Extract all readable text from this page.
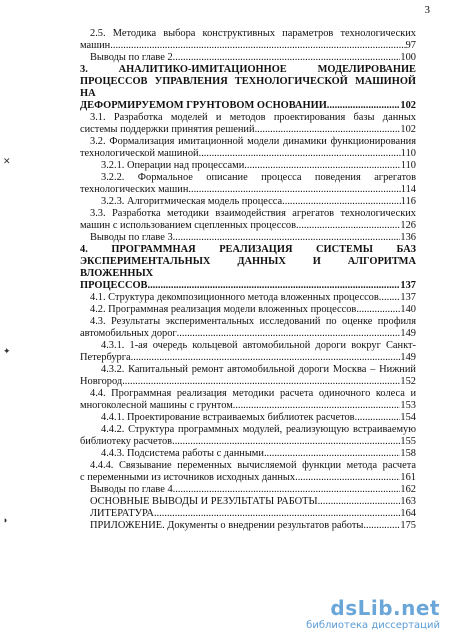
3
✕
✦
◗
2.5. Методика выбора конструктивных параметров технологических
машин .....	97
Выводы по главе 2 .....	100
3. АНАЛИТИКО-ИМИТАЦИОННОЕ МОДЕЛИРОВАНИЕ
ПРОЦЕССОВ УПРАВЛЕНИЯ ТЕХНОЛОГИЧЕСКОЙ МАШИНОЙ НА
ДЕФОРМИРУЕМОМ ГРУНТОВОМ ОСНОВАНИИ .....	102
3.1. Разработка моделей и методов проектирования базы данных
системы поддержки принятия решений .....	102
3.2. Формализация имитационной модели динамики функционирования
технологической машиной .....	110
3.2.1. Операции над процессами .....	110
3.2.2. Формальное описание процесса поведения агрегатов
технологических машин .....	114
3.2.3. Алгоритмическая модель процесса .....	116
3.3. Разработка методики взаимодействия агрегатов технологических
машин с использованием сцепленных процессов .....	126
Выводы по главе 3 .....	136
4. ПРОГРАММНАЯ РЕАЛИЗАЦИЯ СИСТЕМЫ БАЗ
ЭКСПЕРИМЕНТАЛЬНЫХ ДАННЫХ И АЛГОРИТМА ВЛОЖЕННЫХ
ПРОЦЕССОВ .....	137
4.1. Структура декомпозиционного метода вложенных процессов ..... 137
4.2. Программная реализация модели вложенных процессов .....	140
4.3. Результаты экспериментальных исследований по оценке профиля
автомобильных дорог .....	149
4.3.1. 1-ая очередь кольцевой автомобильной дороги вокруг Санкт-
Петербурга .....	149
4.3.2. Капитальный ремонт автомобильной дороги Москва – Нижний
Новгород .....	152
4.4. Программная реализация методики расчета одиночного колеса и
многоколесной машины с грунтом .....	153
4.4.1. Проектирование встраиваемых библиотек расчетов .....	154
4.4.2. Структура программных модулей, реализующую встраиваемую
библиотеку расчетов .....	155
4.4.3. Подсистема работы с данными .....	158
4.4.4. Связывание переменных вычисляемой функции метода расчета
с переменными из источников исходных данных .....	161
Выводы по главе 4 .....	162
ОСНОВНЫЕ ВЫВОДЫ И РЕЗУЛЬТАТЫ РАБОТЫ .....	163
ЛИТЕРАТУРА .....	164
ПРИЛОЖЕНИЕ. Документы о внедрении результатов работы .....	175
dsLib.net
библиотека диссертаций
